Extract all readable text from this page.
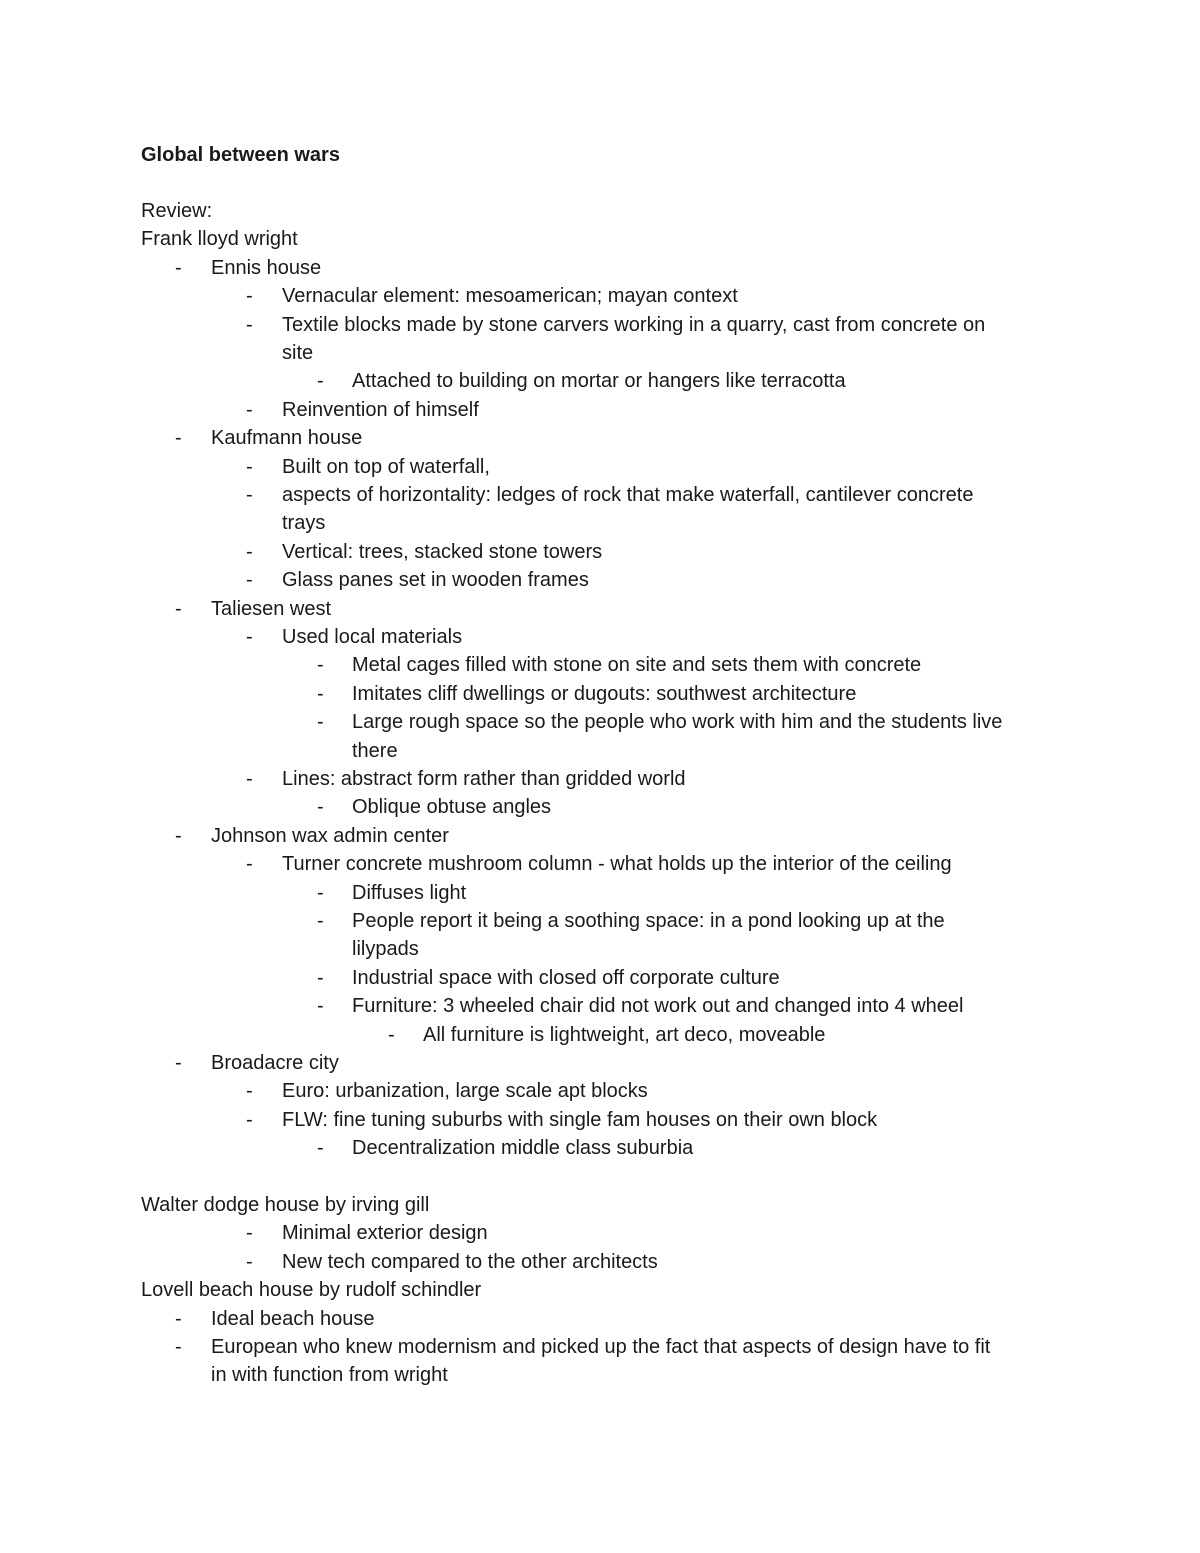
Global between wars
Review:
Frank lloyd wright
- Ennis house
- Vernacular element: mesoamerican; mayan context
- Textile blocks made by stone carvers working in a quarry, cast from concrete on
site
- Attached to building on mortar or hangers like terracotta
- Reinvention of himself
- Kaufmann house
- Built on top of waterfall,
- aspects of horizontality: ledges of rock that make waterfall, cantilever concrete
trays
- Vertical: trees, stacked stone towers
- Glass panes set in wooden frames
- Taliesen west
- Used local materials
- Metal cages filled with stone on site and sets them with concrete
- Imitates cliff dwellings or dugouts: southwest architecture
- Large rough space so the people who work with him and the students live
there
- Lines: abstract form rather than gridded world
- Oblique obtuse angles
- Johnson wax admin center
- Turner concrete mushroom column - what holds up the interior of the ceiling
- Diffuses light
- People report it being a soothing space: in a pond looking up at the
lilypads
- Industrial space with closed off corporate culture
- Furniture: 3 wheeled chair did not work out and changed into 4 wheel
- All furniture is lightweight, art deco, moveable
- Broadacre city
- Euro: urbanization, large scale apt blocks
- FLW: fine tuning suburbs with single fam houses on their own block
- Decentralization middle class suburbia
Walter dodge house by irving gill
- Minimal exterior design
- New tech compared to the other architects
Lovell beach house by rudolf schindler
- Ideal beach house
- European who knew modernism and picked up the fact that aspects of design have to fit
in with function from wright
